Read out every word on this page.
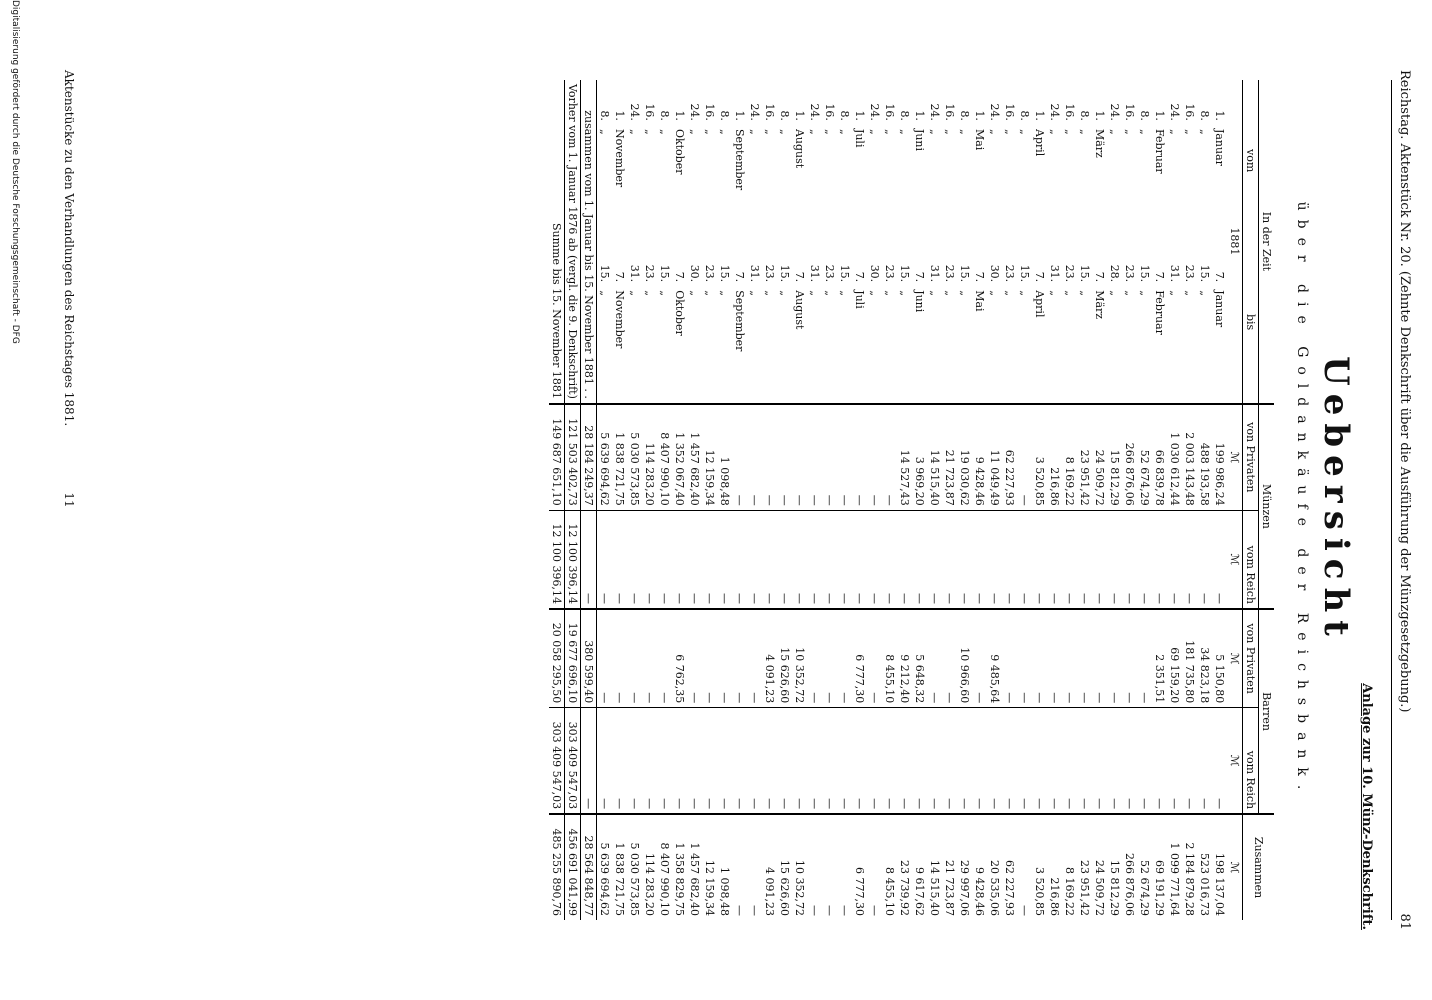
Reichstag. Aktenstück Nr. 20. (Zehnte Denkschrift über die Ausführung der Münzgesetzgebung.)
81
Anlage zur 10. Münz-Denkschrift.
Uebersicht
über die Goldankäufe der Reichsbank.
In der Zeit				Münzen		Barren		Zusammen
vom		bis		von Privaten	vom Reich	von Privaten	vom Reich	
1881				ℳ	ℳ	ℳ	ℳ	ℳ
1.	Januar	7.	Januar	199 986,24	—	5 150,80	—	198 137,04
8.	„	15.	„	488 193,58	—	34 823,18	—	523 016,73
16.	„	23.	„	2 003 143,48	—	181 735,80	—	2 184 879,28
24.	„	31.	„	1 030 612,44	—	69 159,20	—	1 099 771,64
1.	Februar	7.	Februar	66 839,78	—	2 351,51	—	69 191,29
8.	„	15.	„	52 674,29	—	—	—	52 674,29
16.	„	23.	„	266 876,06	—	—	—	266 876,06
24.	„	28.	„	15 812,29	—	—	—	15 812,29
1.	März	7.	März	24 509,72	—	—	—	24 509,72
8.	„	15.	„	23 951,42	—	—	—	23 951,42
16.	„	23.	„	8 169,22	—	—	—	8 169,22
24.	„	31.	„	216,86	—	—	—	216,86
1.	April	7.	April	3 520,85	—	—	—	3 520,85
8.	„	15.	„	—	—	—	—	—
16.	„	23.	„	62 227,93	—	—	—	62 227,93
24.	„	30.	„	11 049,49	—	9 485,64	—	20 535,06
1.	Mai	7.	Mai	9 428,46	—	—	—	9 428,46
8.	„	15.	„	19 030,62	—	10 966,60	—	29 997,06
16.	„	23.	„	21 723,87	—	—	—	21 723,87
24.	„	31.	„	14 515,40	—	—	—	14 515,40
1.	Juni	7.	Juni	3 969,20	—	5 648,32	—	9 617,62
8.	„	15.	„	14 527,43	—	9 212,40	—	23 739,92
16.	„	23.	„	—	—	8 455,10	—	8 455,10
24.	„	30.	„	—	—	—	—	—
1.	Juli	7.	Juli	—	—	6 777,30	—	6 777,30
8.	„	15.	„	—	—	—	—	—
16.	„	23.	„	—	—	—	—	—
24.	„	31.	„	—	—	—	—	—
1.	August	7.	August	—	—	10 352,72	—	10 352,72
8.	„	15.	„	—	—	15 626,60	—	15 626,60
16.	„	23.	„	—	—	4 091,23	—	4 091,23
24.	„	31.	„	—	—	—	—	—
1.	September	7.	September	—	—	—	—	—
8.	„	15.	„	1 098,48	—	—	—	1 098,48
16.	„	23.	„	12 159,34	—	—	—	12 159,34
24.	„	30.	„	1 457 682,40	—	—	—	1 457 682,40
1.	Oktober	7.	Oktober	1 352 067,40	—	6 762,35	—	1 358 829,75
8.	„	15.	„	8 407 990,10	—	—	—	8 407 990,10
16.	„	23.	„	114 283,20	—	—	—	114 283,20
24.	„	31.	„	5 030 573,85	—	—	—	5 030 573,85
1.	November	7.	November	1 838 721,75	—	—	—	1 838 721,75
8.	„	15.	„	5 639 694,62	—	—	—	5 639 694,62
zusammen vom 1. Januar bis 15. November 1881 . .				28 184 249,37	—	380 599,40	—	28 564 848,77
Vorher vom 1. Januar 1876 ab (vergl. die 9. Denkschrift)				121 503 402,73	12 100 396,14	19 677 696,10	303 409 547,03	456 691 041,99
Summe bis 15. November 1881				149 687 651,10	12 100 396,14	20 058 295,50	303 409 547,03	485 255 890,76
Aktenstücke zu den Verhandlungen des Reichstages 1881.
11
Digitalisierung gefördert durch die Deutsche Forschungsgemeinschaft - DFG
